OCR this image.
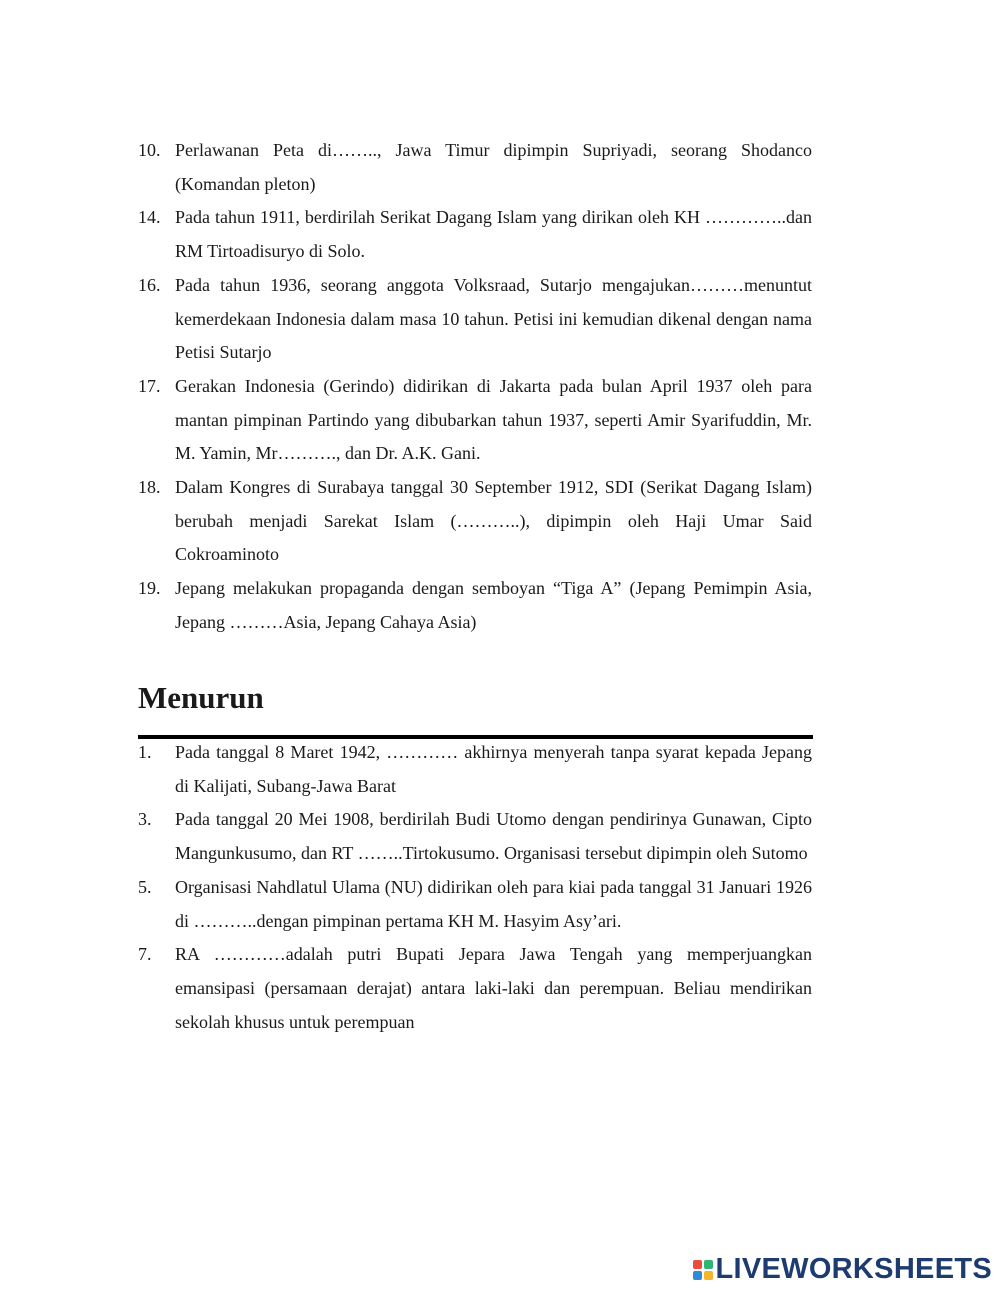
10. Perlawanan Peta di…….., Jawa Timur dipimpin Supriyadi, seorang Shodanco (Komandan pleton)
14. Pada tahun 1911, berdirilah Serikat Dagang Islam yang dirikan oleh KH …………..dan RM Tirtoadisuryo di Solo.
16. Pada tahun 1936, seorang anggota Volksraad, Sutarjo mengajukan………menuntut kemerdekaan Indonesia dalam masa 10 tahun. Petisi ini kemudian dikenal dengan nama Petisi Sutarjo
17. Gerakan Indonesia (Gerindo) didirikan di Jakarta pada bulan April 1937 oleh para mantan pimpinan Partindo yang dibubarkan tahun 1937, seperti Amir Syarifuddin, Mr. M. Yamin, Mr………., dan Dr. A.K. Gani.
18. Dalam Kongres di Surabaya tanggal 30 September 1912, SDI (Serikat Dagang Islam) berubah menjadi Sarekat Islam (………..), dipimpin oleh Haji Umar Said Cokroaminoto
19. Jepang melakukan propaganda dengan semboyan “Tiga A” (Jepang Pemimpin Asia, Jepang ………Asia, Jepang Cahaya Asia)
Menurun
1.	Pada tanggal 8 Maret 1942, ………… akhirnya menyerah tanpa syarat kepada Jepang di Kalijati, Subang-Jawa Barat
3.	Pada tanggal 20 Mei 1908, berdirilah Budi Utomo dengan pendirinya Gunawan, Cipto Mangunkusumo, dan RT ……..Tirtokusumo. Organisasi tersebut dipimpin oleh Sutomo
5.	Organisasi Nahdlatul Ulama (NU) didirikan oleh para kiai pada tanggal 31 Januari 1926 di ………..dengan pimpinan pertama KH M. Hasyim Asy’ari.
7.	RA …………adalah putri Bupati Jepara Jawa Tengah yang memperjuangkan emansipasi (persamaan derajat) antara laki-laki dan perempuan. Beliau mendirikan sekolah khusus untuk perempuan
LIVEWORKSHEETS
